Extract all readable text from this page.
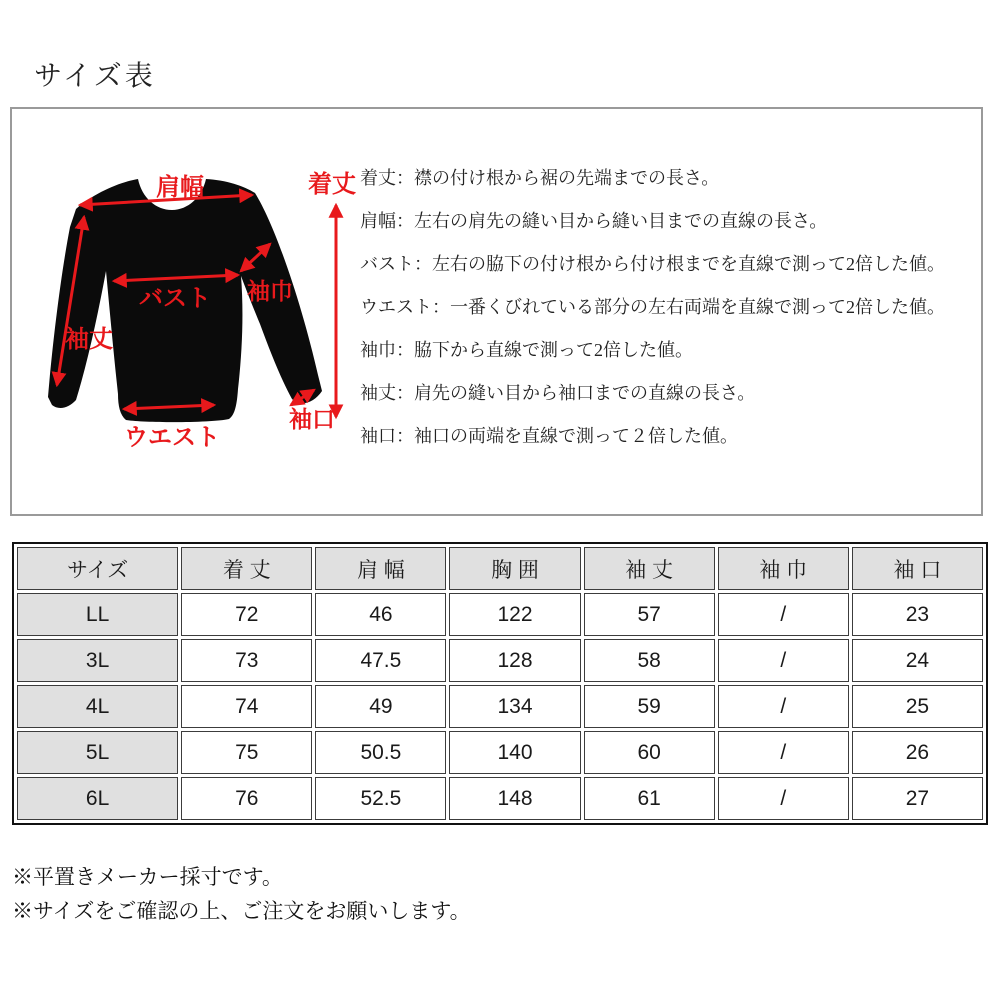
サイズ表
肩幅	着丈
バスト 袖巾
袖丈
ウエスト
袖口

着丈：襟の付け根から裾の先端までの長さ。

肩幅：左右の肩先の縫い目から縫い目までの直線の長さ。

バスト：左右の脇下の付け根から付け根までを直線で測って2倍した値。

ウエスト：一番くびれている部分の左右両端を直線で測って2倍した値。

袖巾：脇下から直線で測って2倍した値。

袖丈：肩先の縫い目から袖口までの直線の長さ。

袖口：袖口の両端を直線で測って２倍した値。

サイズ	着 丈	肩 幅	胸 囲	袖 丈	袖 巾	袖 口
LL	72	46	122	57	/	23
3L	73	47.5	128	58	/	24
4L	74	49	134	59	/	25
5L	75	50.5	140	60	/	26
6L	76	52.5	148	61	/	27

※平置きメーカー採寸です。

※サイズをご確認の上、ご注文をお願いします。
